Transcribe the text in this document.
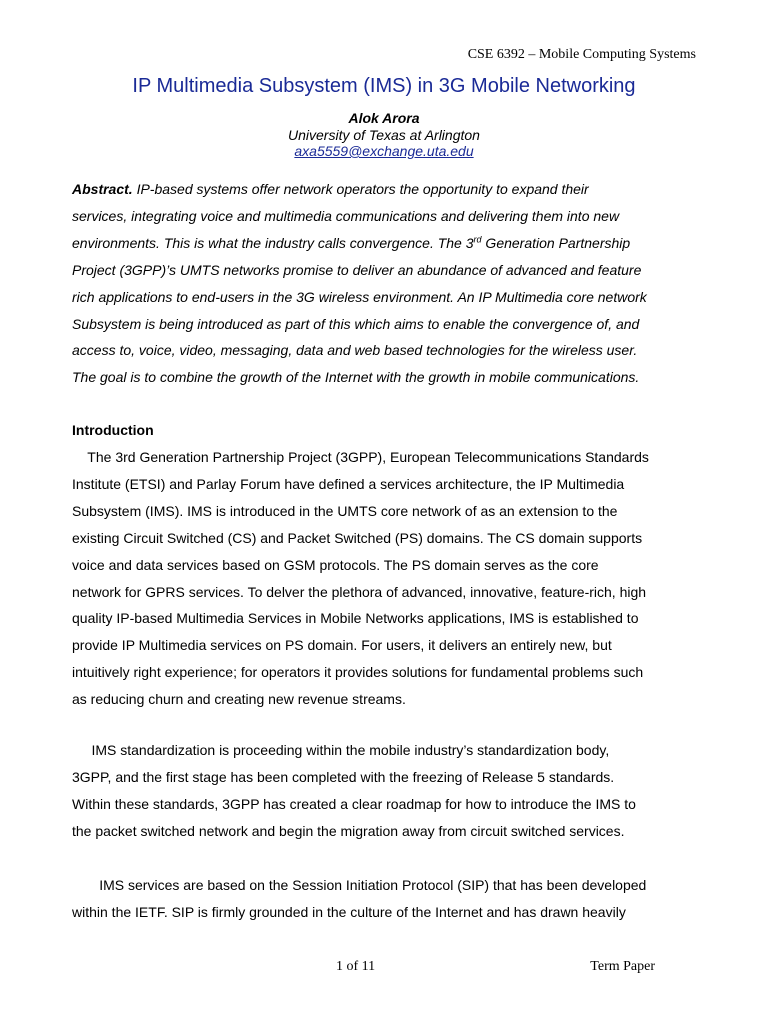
CSE 6392 – Mobile Computing Systems
IP Multimedia Subsystem (IMS) in 3G Mobile Networking
Alok Arora
University of Texas at Arlington
axa5559@exchange.uta.edu
Abstract. IP-based systems offer network operators the opportunity to expand their
services, integrating voice and multimedia communications and delivering them into new
environments. This is what the industry calls convergence. The 3rd Generation Partnership
Project (3GPP)’s UMTS networks promise to deliver an abundance of advanced and feature
rich applications to end-users in the 3G wireless environment. An IP Multimedia core network
Subsystem is being introduced as part of this which aims to enable the convergence of, and
access to, voice, video, messaging, data and web based technologies for the wireless user.
The goal is to combine the growth of the Internet with the growth in mobile communications.
Introduction
The 3rd Generation Partnership Project (3GPP), European Telecommunications Standards
Institute (ETSI) and Parlay Forum have defined a services architecture, the IP Multimedia
Subsystem (IMS). IMS is introduced in the UMTS core network of as an extension to the
existing Circuit Switched (CS) and Packet Switched (PS) domains. The CS domain supports
voice and data services based on GSM protocols. The PS domain serves as the core
network for GPRS services. To delver the plethora of advanced, innovative, feature-rich, high
quality IP-based Multimedia Services in Mobile Networks applications, IMS is established to
provide IP Multimedia services on PS domain. For users, it delivers an entirely new, but
intuitively right experience; for operators it provides solutions for fundamental problems such
as reducing churn and creating new revenue streams.
IMS standardization is proceeding within the mobile industry’s standardization body,
3GPP, and the first stage has been completed with the freezing of Release 5 standards.
Within these standards, 3GPP has created a clear roadmap for how to introduce the IMS to
the packet switched network and begin the migration away from circuit switched services.
IMS services are based on the Session Initiation Protocol (SIP) that has been developed
within the IETF. SIP is firmly grounded in the culture of the Internet and has drawn heavily
1 of 11	Term Paper
